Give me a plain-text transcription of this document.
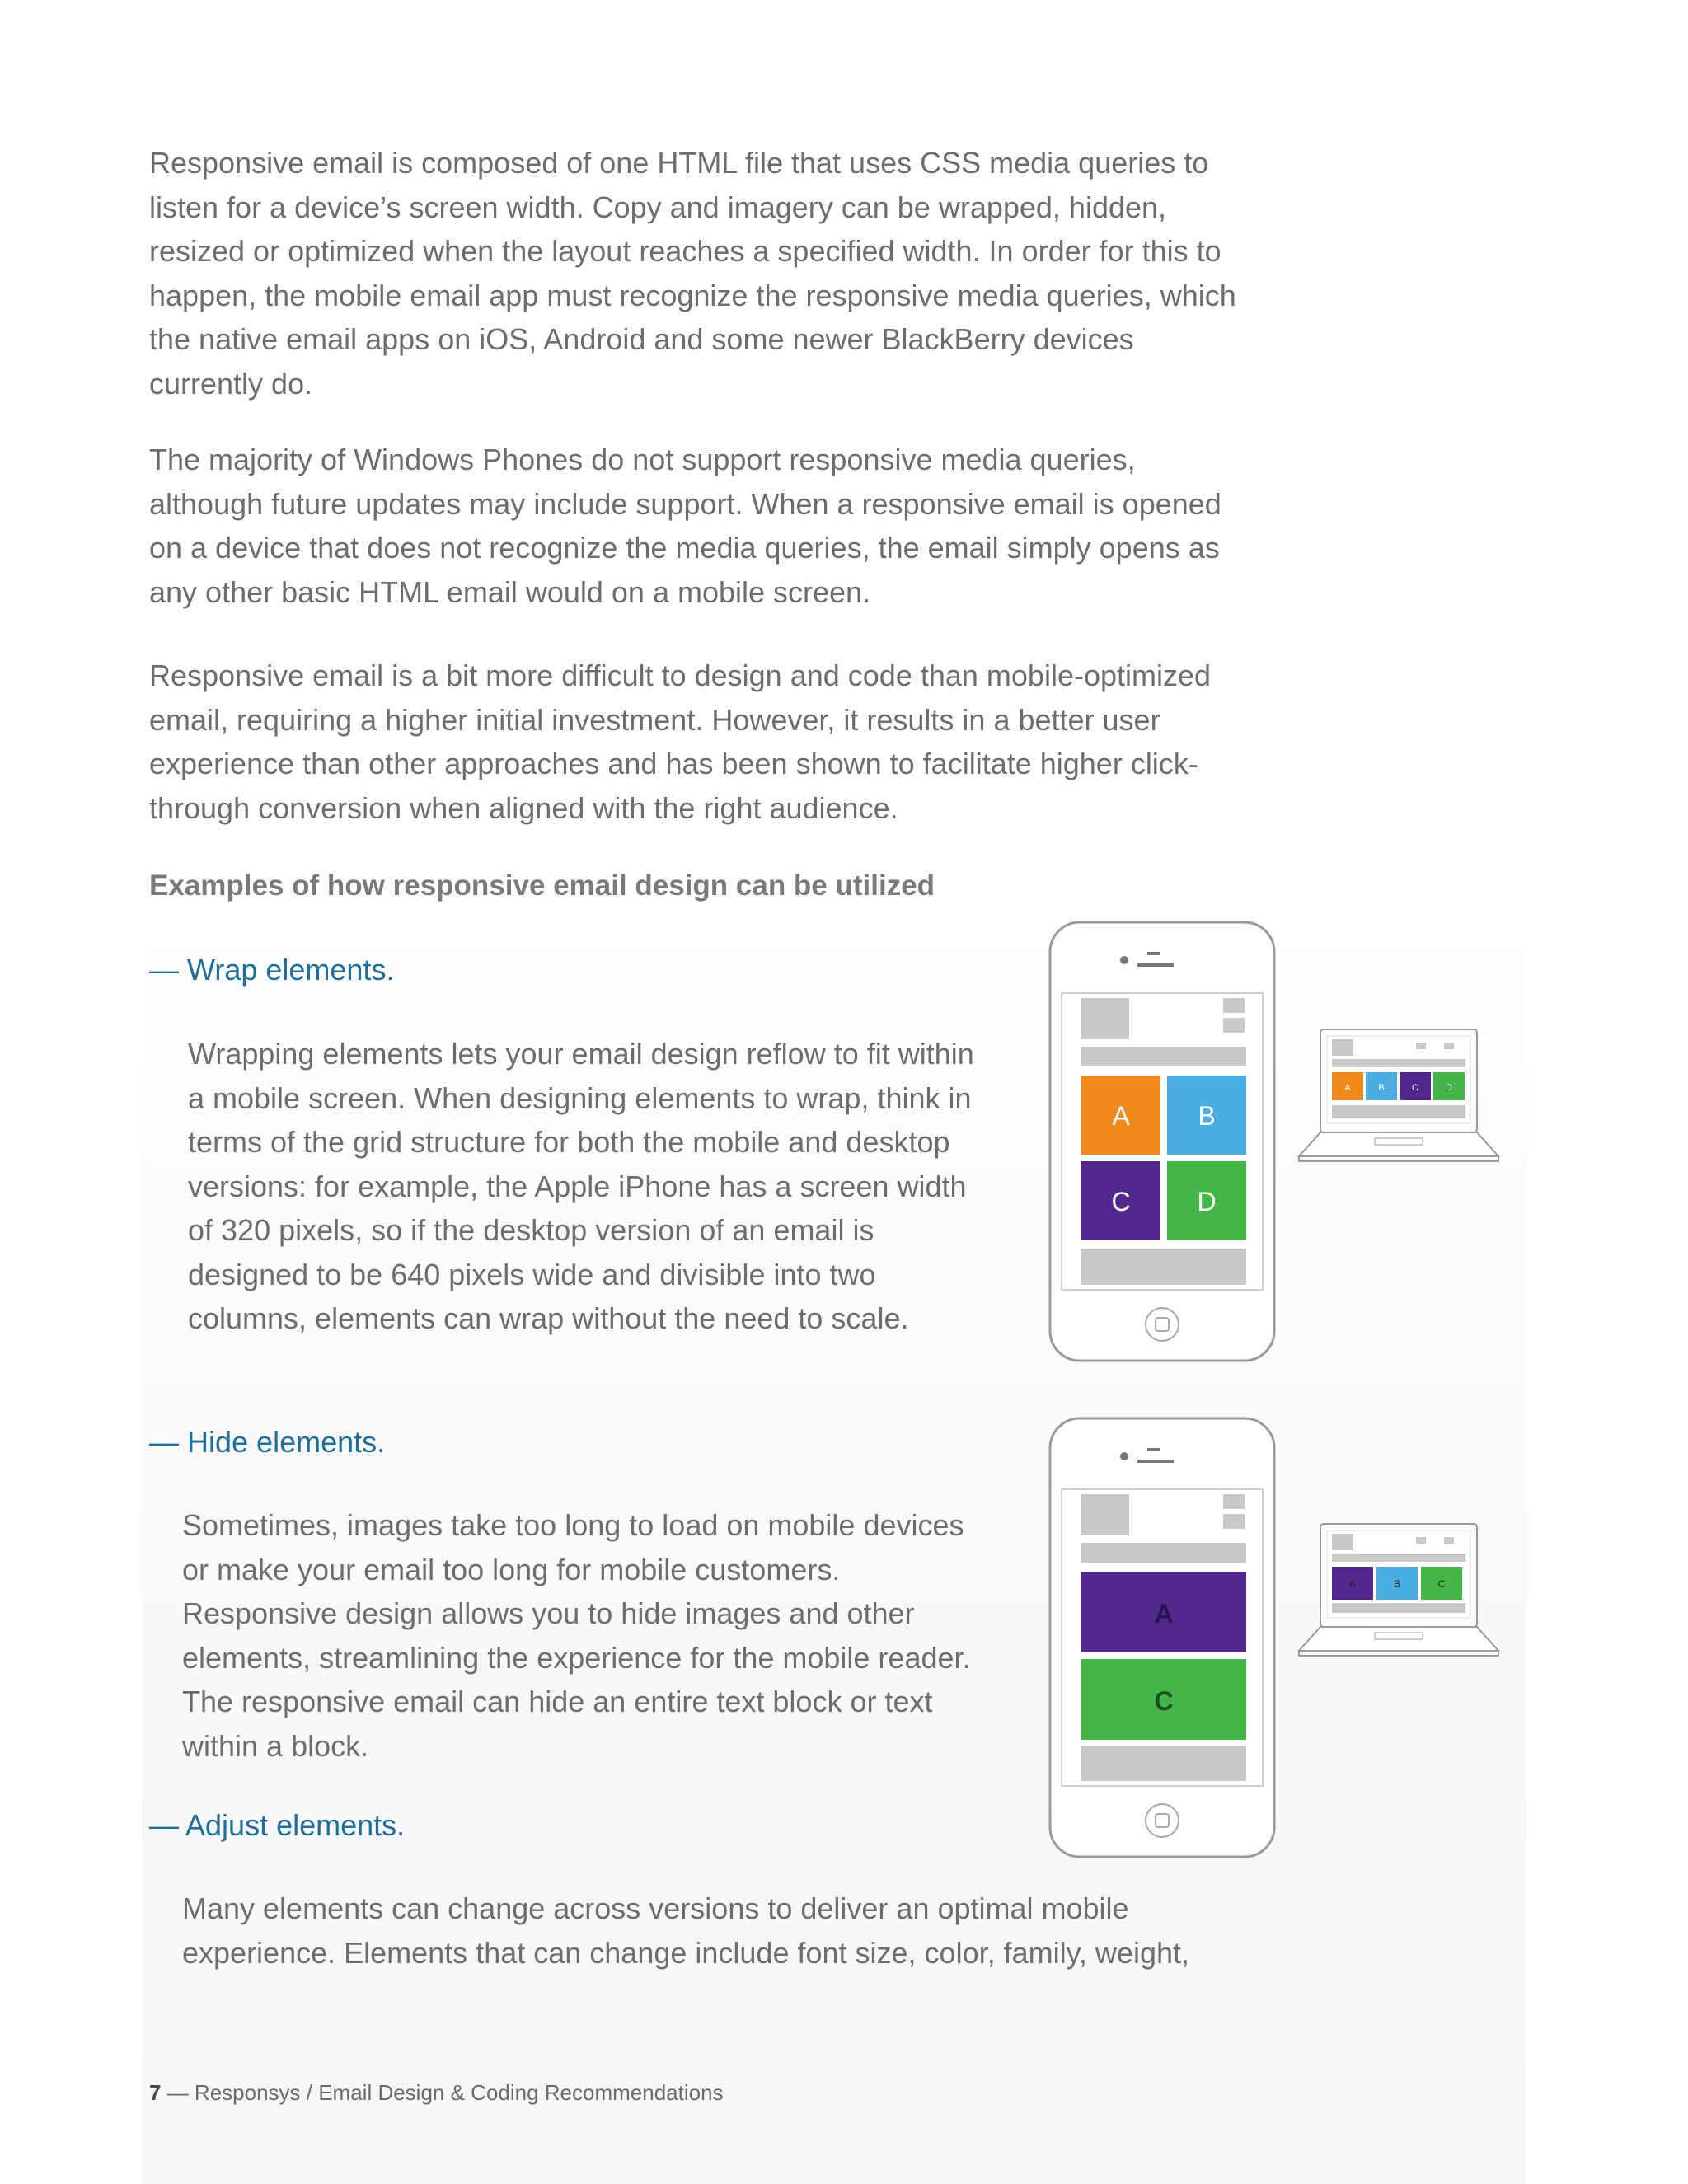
Responsive email is composed of one HTML file that uses CSS media queries to listen for a device’s screen width. Copy and imagery can be wrapped, hidden, resized or optimized when the layout reaches a specified width. In order for this to happen, the mobile email app must recognize the responsive media queries, which the native email apps on iOS, Android and some newer BlackBerry devices currently do.

The majority of Windows Phones do not support responsive media queries, although future updates may include support. When a responsive email is opened on a device that does not recognize the media queries, the email simply opens as any other basic HTML email would on a mobile screen.

Responsive email is a bit more difficult to design and code than mobile-optimized email, requiring a higher initial investment. However, it results in a better user experience than other approaches and has been shown to facilitate higher click-through conversion when aligned with the right audience.

Examples of how responsive email design can be utilized

— Wrap elements.

Wrapping elements lets your email design reflow to fit within a mobile screen. When designing elements to wrap, think in terms of the grid structure for both the mobile and desktop versions: for example, the Apple iPhone has a screen width of 320 pixels, so if the desktop version of an email is designed to be 640 pixels wide and divisible into two columns, elements can wrap without the need to scale.

— Hide elements.

Sometimes, images take too long to load on mobile devices or make your email too long for mobile customers. Responsive design allows you to hide images and other elements, streamlining the experience for the mobile reader. The responsive email can hide an entire text block or text within a block.

— Adjust elements.

Many elements can change across versions to deliver an optimal mobile experience. Elements that can change include font size, color, family, weight,

A	B
C	D
A	B	C	D
A
C
A	B	C

7 — Responsys / Email Design & Coding Recommendations
